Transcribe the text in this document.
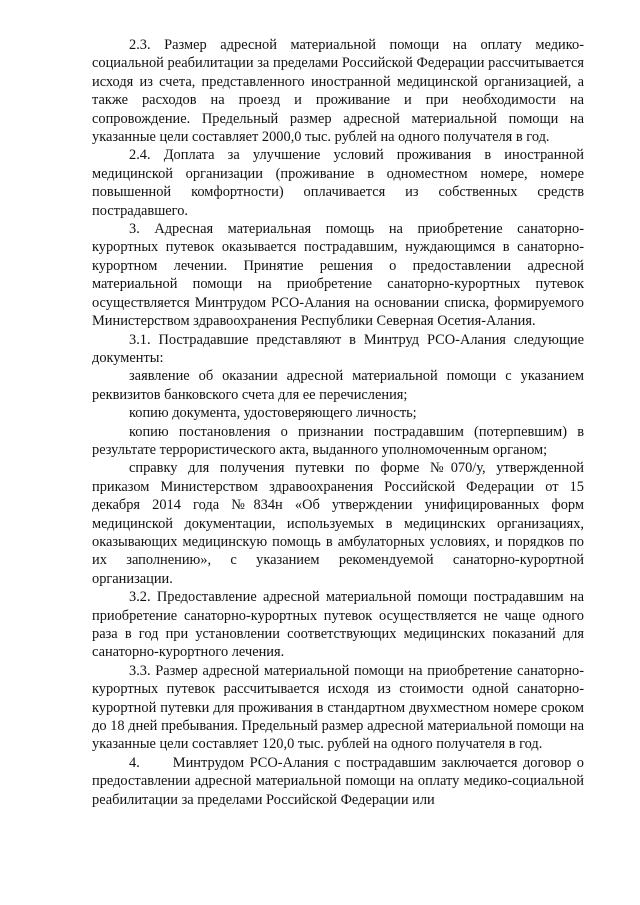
2.3. Размер адресной материальной помощи на оплату медико-социальной реабилитации за пределами Российской Федерации рассчитывается исходя из счета, представленного иностранной медицинской организацией, а также расходов на проезд и проживание и при необходимости на сопровождение. Предельный размер адресной материальной помощи на указанные цели составляет 2000,0 тыс. рублей на одного получателя в год.

2.4. Доплата за улучшение условий проживания в иностранной медицинской организации (проживание в одноместном номере, номере повышенной комфортности) оплачивается из собственных средств пострадавшего.

3. Адресная материальная помощь на приобретение санаторно-курортных путевок оказывается пострадавшим, нуждающимся в санаторно-курортном лечении. Принятие решения о предоставлении адресной материальной помощи на приобретение санаторно-курортных путевок осуществляется Минтрудом РСО-Алания на основании списка, формируемого Министерством здравоохранения Республики Северная Осетия-Алания.

3.1. Пострадавшие представляют в Минтруд РСО-Алания следующие документы:

заявление об оказании адресной материальной помощи с указанием реквизитов банковского счета для ее перечисления;

копию документа, удостоверяющего личность;

копию постановления о признании пострадавшим (потерпевшим) в результате террористического акта, выданного уполномоченным органом;

справку для получения путевки по форме №070/у, утвержденной приказом Министерством здравоохранения Российской Федерации от 15 декабря 2014 года №834н «Об утверждении унифицированных форм медицинской документации, используемых в медицинских организациях, оказывающих медицинскую помощь в амбулаторных условиях, и порядков по их заполнению», с указанием рекомендуемой санаторно-курортной организации.

3.2. Предоставление адресной материальной помощи пострадавшим на приобретение санаторно-курортных путевок осуществляется не чаще одного раза в год при установлении соответствующих медицинских показаний для санаторно-курортного лечения.

3.3. Размер адресной материальной помощи на приобретение санаторно-курортных путевок рассчитывается исходя из стоимости одной санаторно-курортной путевки для проживания в стандартном двухместном номере сроком до 18 дней пребывания. Предельный размер адресной материальной помощи на указанные цели составляет 120,0 тыс. рублей на одного получателя в год.

4.      Минтрудом РСО-Алания с пострадавшим заключается договор о предоставлении адресной материальной помощи на оплату медико-социальной реабилитации за пределами Российской Федерации или
